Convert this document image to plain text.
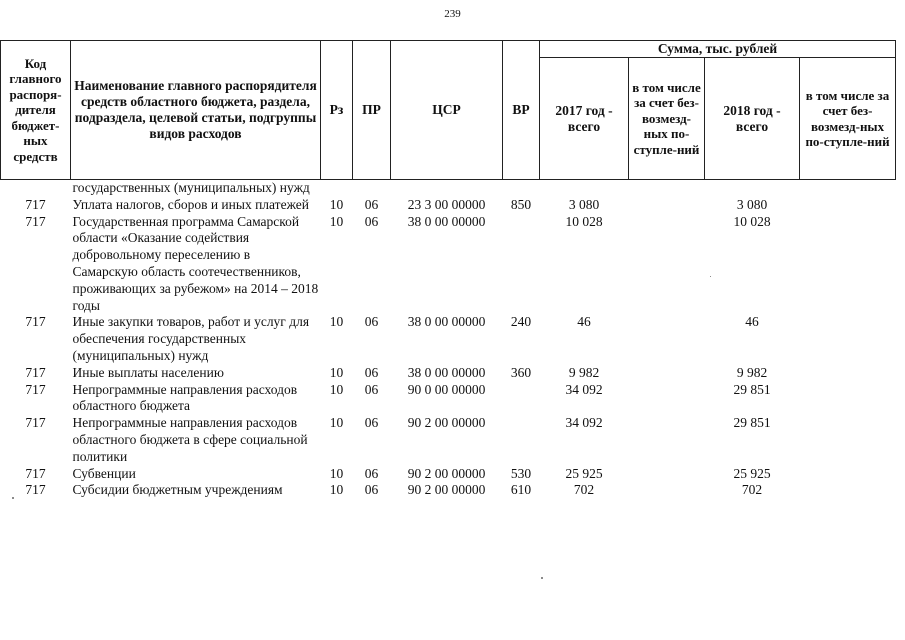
239
Код главного распоря-дителя бюджет-ных средств	Наименование главного распорядителя средств областного бюджета, раздела, подраздела, целевой статьи, подгруппы видов расходов	Рз	ПР	ЦСР	ВР	Сумма, тыс. рублей			
						2017 год - всего	в том числе за счет без-возмезд-ных по-ступле-ний	2018 год - всего	в том числе за счет без-возмезд-ных по-ступле-ний
	государственных (муниципальных) нужд								
717	Уплата налогов, сборов и иных платежей	10	06	23 3 00 00000	850	3 080		3 080	
717	Государственная программа Самарской области «Оказание содействия добровольному переселению в Самарскую область соотечественников, проживающих за рубежом» на 2014 – 2018 годы	10	06	38 0 00 00000		10 028		10 028	
717	Иные закупки товаров, работ и услуг для обеспечения государственных (муниципальных) нужд	10	06	38 0 00 00000	240	46		46	
717	Иные выплаты населению	10	06	38 0 00 00000	360	9 982		9 982	
717	Непрограммные направления расходов областного бюджета	10	06	90 0 00 00000		34 092		29 851	
717	Непрограммные направления расходов областного бюджета в сфере социальной политики	10	06	90 2 00 00000		34 092		29 851	
717	Субвенции	10	06	90 2 00 00000	530	25 925		25 925	
717	Субсидии бюджетным учреждениям	10	06	90 2 00 00000	610	702		702	
